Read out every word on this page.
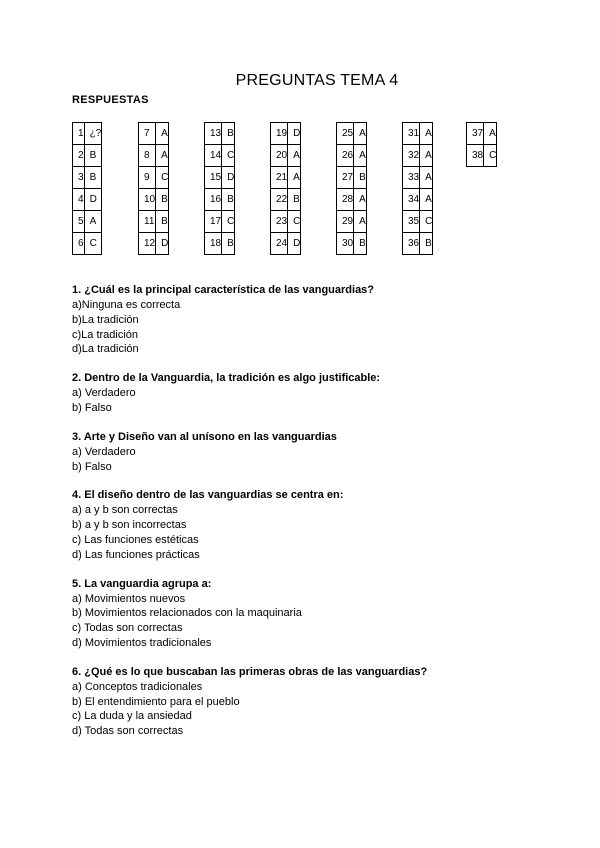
PREGUNTAS TEMA 4
RESPUESTAS
1	¿?
2	B
3	B
4	D
5	A
6	C
7	A
8	A
9	C
10	B
11	B
12	D
13	B
14	C
15	D
16	B
17	C
18	B
19	D
20	A
21	A
22	B
23	C
24	D
25	A
26	A
27	B
28	A
29	A
30	B
31	A
32	A
33	A
34	A
35	C
36	B
37	A
38	C
1. ¿Cuál es la principal característica de las vanguardias?
a)Ninguna es correcta
b)La tradición
c)La tradición
d)La tradición
2. Dentro de la Vanguardia, la tradición es algo justificable:
a) Verdadero
b) Falso
3. Arte y Diseño van al unísono en las vanguardias
a) Verdadero
b) Falso
4. El diseño dentro de las vanguardias se centra en:
a) a y b son correctas
b) a y b son incorrectas
c) Las funciones estéticas
d) Las funciones prácticas
5. La vanguardia agrupa a:
a) Movimientos nuevos
b) Movimientos relacionados con la maquinaria
c) Todas son correctas
d) Movimientos tradicionales
6. ¿Qué es lo que buscaban las primeras obras de las vanguardias?
a) Conceptos tradicionales
b) El entendimiento para el pueblo
c) La duda y la ansiedad
d) Todas son correctas
